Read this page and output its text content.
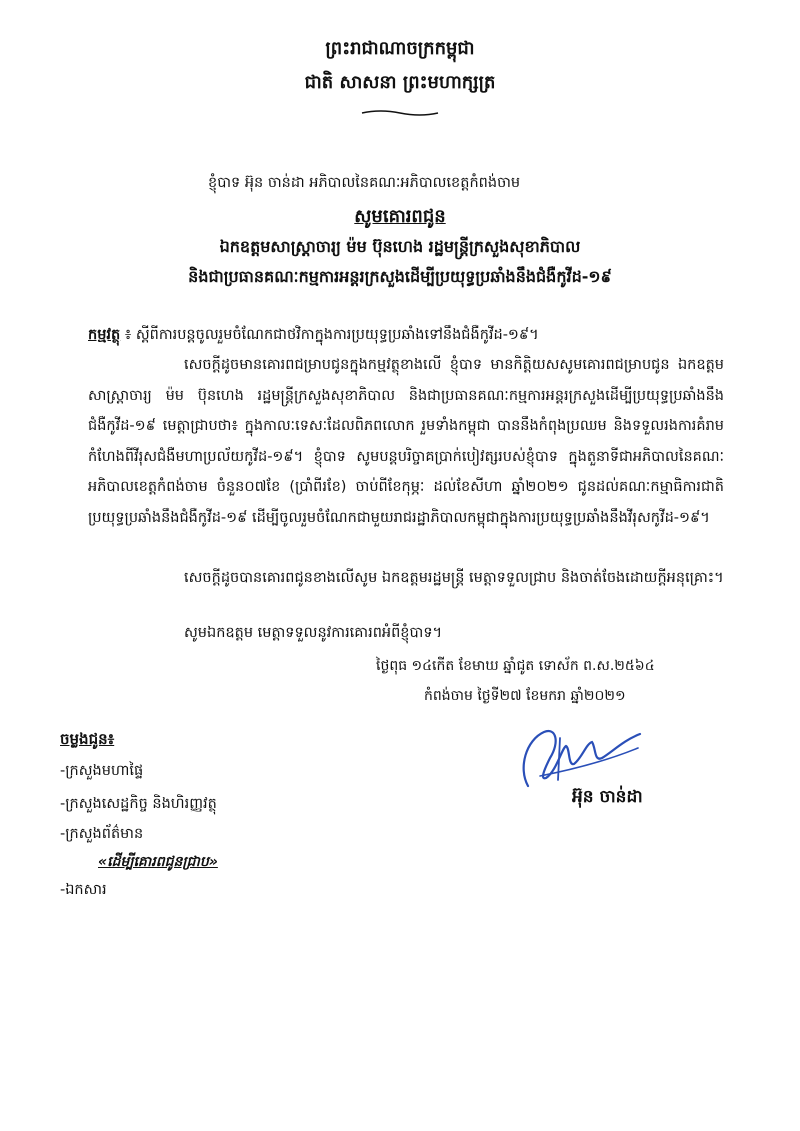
ព្រះរាជាណាចក្រកម្ពុជា
ជាតិ សាសនា ព្រះមហាក្សត្រ
ខ្ញុំបាទ អ៊ុន ចាន់ដា អភិបាលនៃគណៈអភិបាលខេត្តកំពង់ចាម
សូមគោរពជូន
ឯកឧត្តមសាស្ត្រាចារ្យ ម៉ម ប៊ុនហេង រដ្ឋមន្ត្រីក្រសួងសុខាភិបាល
និងជាប្រធានគណៈកម្មការអន្តរក្រសួងដើម្បីប្រយុទ្ធប្រឆាំងនឹងជំងឺកូវីដ-១៩
កម្មវត្ថុ ៖ ស្តីពីការបន្តចូលរួមចំណែកជាថវិកាក្នុងការប្រយុទ្ធប្រឆាំងទៅនឹងជំងឺកូវីដ-១៩។
សេចក្តីដូចមានគោរពជម្រាបជូនក្នុងកម្មវត្ថុខាងលើ ខ្ញុំបាទ មានកិត្តិយសសូមគោរពជម្រាបជូន ឯកឧត្តមសាស្ត្រាចារ្យ ម៉ម ប៊ុនហេង រដ្ឋមន្ត្រីក្រសួងសុខាភិបាល និងជាប្រធានគណៈកម្មការអន្តរក្រសួងដើម្បីប្រយុទ្ធប្រឆាំងនឹងជំងឺកូវីដ-១៩ មេត្តាជ្រាបថា៖ ក្នុងកាលៈទេសៈដែលពិភពលោក រួមទាំងកម្ពុជា បាននឹងកំពុងប្រឈម និងទទួលរងការគំរាមកំហែងពីវីរុសជំងឺមហាប្រល័យកូវីដ-១៩។ ខ្ញុំបាទ សូមបន្តបរិច្ចាគប្រាក់បៀវត្សរបស់ខ្ញុំបាទ ក្នុងតួនាទីជាអភិបាលនៃគណៈអភិបាលខេត្តកំពង់ចាម ចំនួន០៧ខែ (ប្រាំពីរខែ) ចាប់ពីខែកុម្ភៈ ដល់ខែសីហា ឆ្នាំ២០២១ ជូនដល់គណៈកម្មាធិការជាតិប្រយុទ្ធប្រឆាំងនឹងជំងឺកូវីដ-១៩ ដើម្បីចូលរួមចំណែកជាមួយរាជរដ្ឋាភិបាលកម្ពុជាក្នុងការប្រយុទ្ធប្រឆាំងនឹងវីរុសកូវីដ-១៩។
សេចក្តីដូចបានគោរពជូនខាងលើសូម ឯកឧត្តមរដ្ឋមន្ត្រី មេត្តាទទួលជ្រាប និងចាត់ចែងដោយក្តីអនុគ្រោះ។
សូមឯកឧត្តម មេត្តាទទួលនូវការគោរពអំពីខ្ញុំបាទ។
ថ្ងៃពុធ ១៤កើត ខែមាឃ ឆ្នាំជូត ទោស័ក ព.ស.២៥៦៤
កំពង់ចាម ថ្ងៃទី២៧ ខែមករា ឆ្នាំ២០២១
អ៊ុន ចាន់ដា
ចម្លងជូន៖
-ក្រសួងមហាផ្ទៃ
-ក្រសួងសេដ្ឋកិច្ច និងហិរញ្ញវត្ថុ
-ក្រសួងព័ត៌មាន
«ដើម្បីគោរពជូនជ្រាប»
-ឯកសារ
